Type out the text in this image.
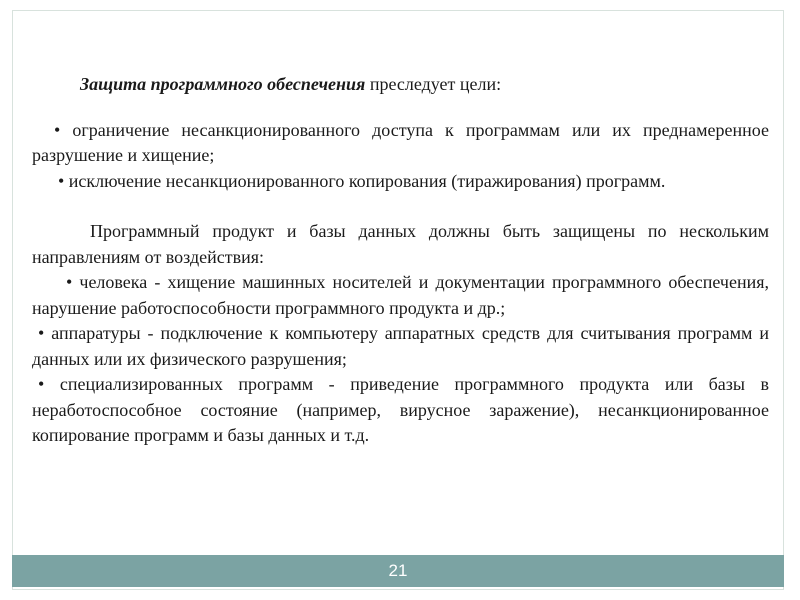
Защита программного обеспечения преследует цели:

• ограничение несанкционированного доступа к программам или их преднамеренное разрушение и хищение;

• исключение несанкционированного копирования (тиражирования) программ.

Программный продукт и базы данных должны быть защищены по нескольким направлениям от воздействия:

• человека - хищение машинных носителей и документации программного обеспечения, нарушение работоспособности программного продукта и др.;

• аппаратуры - подключение к компьютеру аппаратных средств для считывания программ и данных или их физического разрушения;

• специализированных программ - приведение программного продукта или базы в неработоспособное состояние (например, вирусное заражение), несанкционированное копирование программ и базы данных и т.д.

21
